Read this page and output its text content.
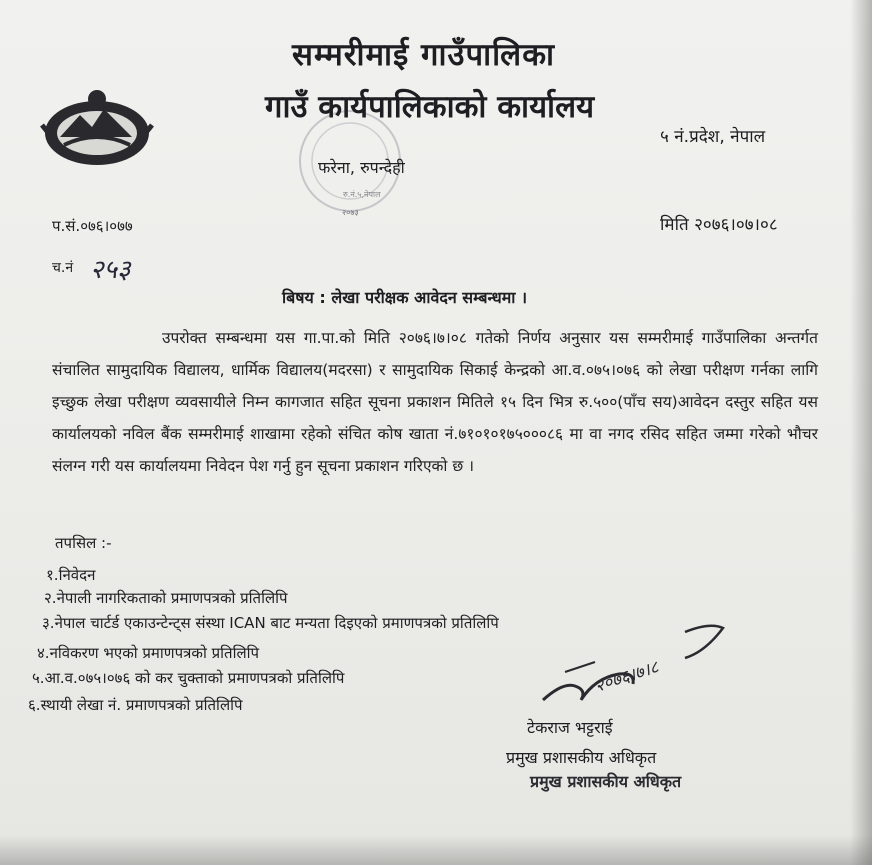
रु.नं.५,नेपाल
२०७३
सम्मरीमाई गाउँपालिका
गाउँ कार्यपालिकाको कार्यालय
फरेना, रुपन्देही
५ नं.प्रदेश, नेपाल
प.सं.०७६।०७७	मिति २०७६।०७।०८
च.नं २५३
बिषय : लेखा परीक्षक आवेदन सम्बन्धमा ।
उपरोक्त सम्बन्धमा यस गा.पा.को मिति २०७६।७।०८ गतेको निर्णय अनुसार यस सम्मरीमाई गाउँपालिका अन्तर्गत संचालित सामुदायिक विद्यालय, धार्मिक विद्यालय(मदरसा) र सामुदायिक सिकाई केन्द्रको आ.व.०७५।०७६ को लेखा परीक्षण गर्नका लागि इच्छुक लेखा परीक्षण व्यवसायीले निम्न कागजात सहित सूचना प्रकाशन मितिले १५ दिन भित्र रु.५००(पाँच सय)आवेदन दस्तुर सहित यस कार्यालयको नविल बैंक सम्मरीमाई शाखामा रहेको संचित कोष खाता नं.७१०१०१७५०००८६ मा वा नगद रसिद सहित जम्मा गरेको भौचर संलग्न गरी यस कार्यालयमा निवेदन पेश गर्नु हुन सूचना प्रकाशन गरिएको छ ।
तपसिल :-
१.निवेदन
२.नेपाली नागरिकताको प्रमाणपत्रको प्रतिलिपि
३.नेपाल चार्टर्ड एकाउन्टेन्ट्स संस्था ICAN बाट मन्यता दिइएको प्रमाणपत्रको प्रतिलिपि
४.नविकरण भएको प्रमाणपत्रको प्रतिलिपि
५.आ.व.०७५।०७६ को कर चुक्ताको प्रमाणपत्रको प्रतिलिपि
६.स्थायी लेखा नं. प्रमाणपत्रको प्रतिलिपि
२०७६।७।८
टेकराज भट्टराई
प्रमुख प्रशासकीय अधिकृत
प्रमुख प्रशासकीय अधिकृत
